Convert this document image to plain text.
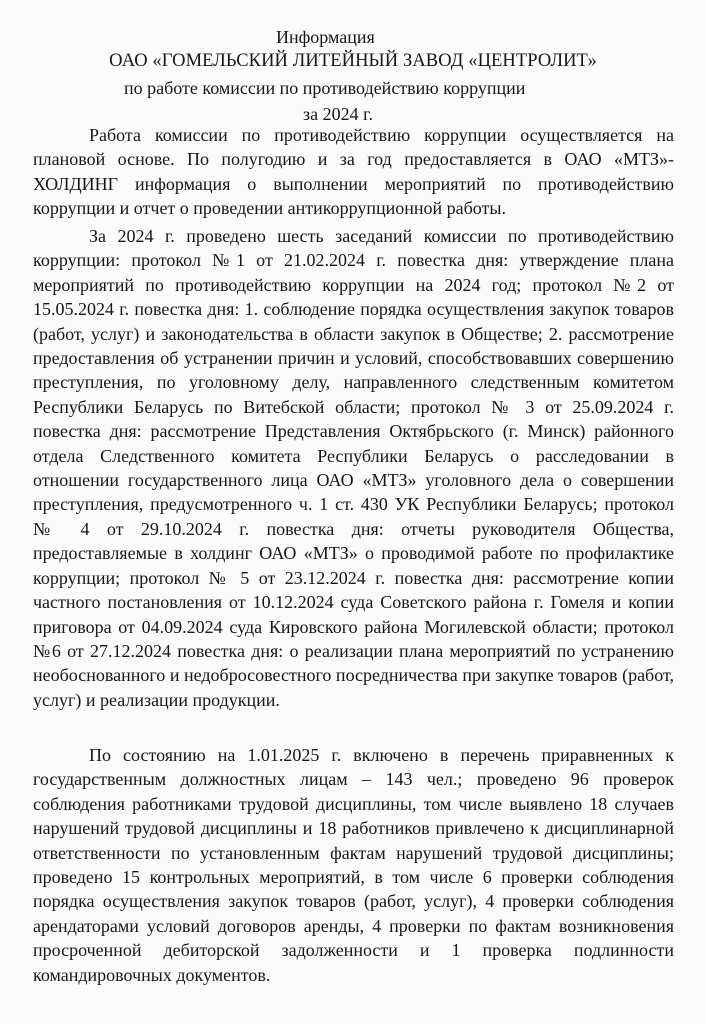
Информация
ОАО «ГОМЕЛЬСКИЙ ЛИТЕЙНЫЙ ЗАВОД «ЦЕНТРОЛИТ»
по работе комиссии по противодействию коррупции
за 2024 г.

Работа комиссии по противодействию коррупции осуществляется на плановой основе. По полугодию и за год предоставляется в ОАО «МТЗ»-ХОЛДИНГ информация о выполнении мероприятий по противодействию коррупции и отчет о проведении антикоррупционной работы.

За 2024 г. проведено шесть заседаний комиссии по противодействию коррупции: протокол №1 от 21.02.2024 г. повестка дня: утверждение плана мероприятий по противодействию коррупции на 2024 год; протокол №2 от 15.05.2024 г. повестка дня: 1. соблюдение порядка осуществления закупок товаров (работ, услуг) и законодательства в области закупок в Обществе; 2. рассмотрение предоставления об устранении причин и условий, способствовавших совершению преступления, по уголовному делу, направленного следственным комитетом Республики Беларусь по Витебской области; протокол № 3 от 25.09.2024 г. повестка дня: рассмотрение Представления Октябрьского (г. Минск) районного отдела Следственного комитета Республики Беларусь о расследовании в отношении государственного лица ОАО «МТЗ» уголовного дела о совершении преступления, предусмотренного ч. 1 ст. 430 УК Республики Беларусь; протокол № 4 от 29.10.2024 г. повестка дня: отчеты руководителя Общества, предоставляемые в холдинг ОАО «МТЗ» о проводимой работе по профилактике коррупции; протокол № 5 от 23.12.2024 г. повестка дня: рассмотрение копии частного постановления от 10.12.2024 суда Советского района г. Гомеля и копии приговора от 04.09.2024 суда Кировского района Могилевской области; протокол №6 от 27.12.2024 повестка дня: о реализации плана мероприятий по устранению необоснованного и недобросовестного посредничества при закупке товаров (работ, услуг) и реализации продукции.

По состоянию на 1.01.2025 г. включено в перечень приравненных к государственным должностных лицам – 143 чел.; проведено 96 проверок соблюдения работниками трудовой дисциплины, том числе выявлено 18 случаев нарушений трудовой дисциплины и 18 работников привлечено к дисциплинарной ответственности по установленным фактам нарушений трудовой дисциплины; проведено 15 контрольных мероприятий, в том числе 6 проверки соблюдения порядка осуществления закупок товаров (работ, услуг), 4 проверки соблюдения арендаторами условий договоров аренды, 4 проверки по фактам возникновения просроченной дебиторской задолженности и 1 проверка подлинности командировочных документов.
